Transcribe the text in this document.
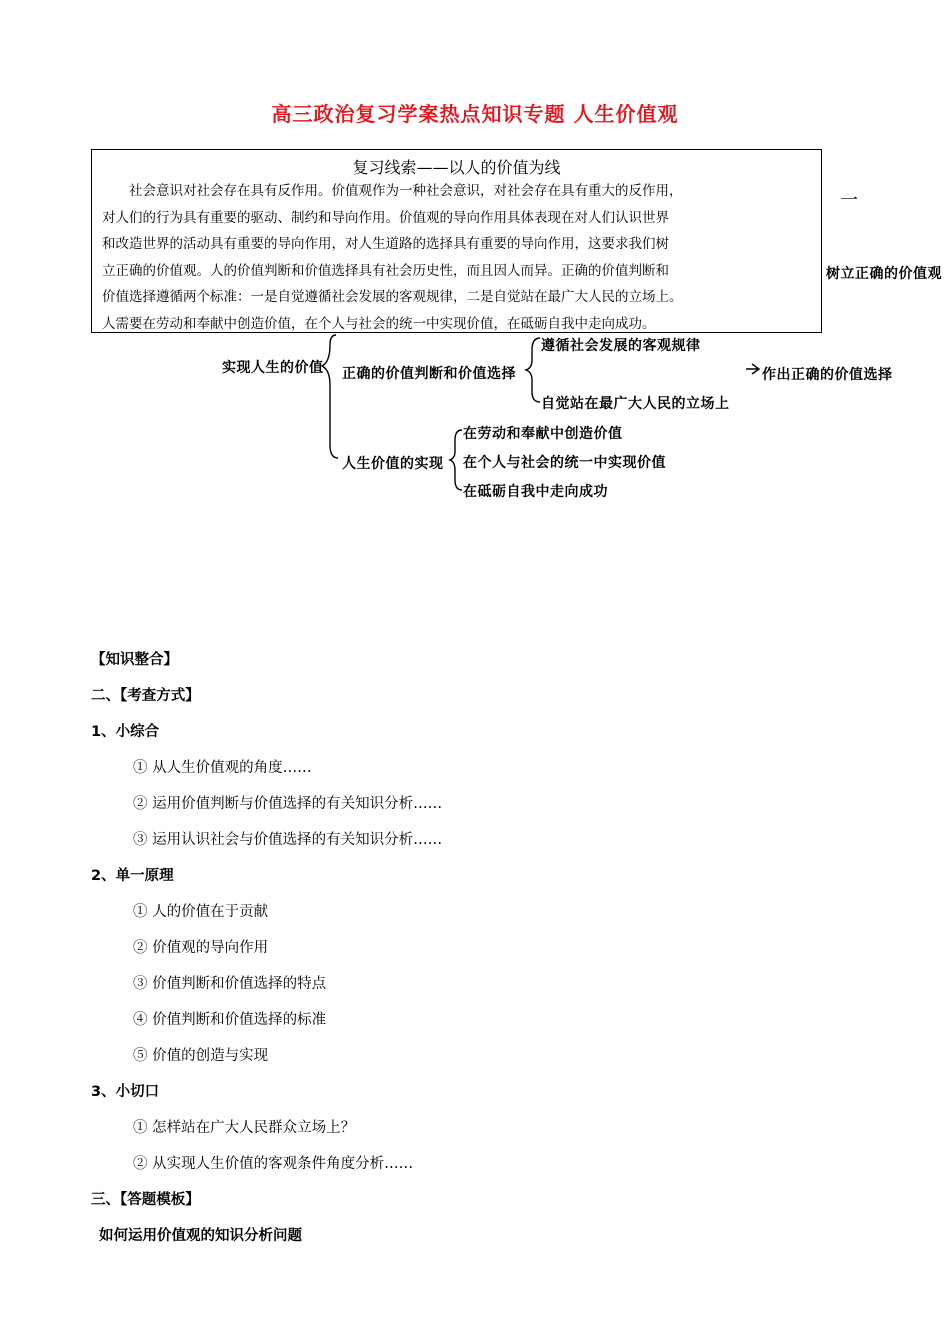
高三政治复习学案热点知识专题 人生价值观
一
树立正确的价值观
实现人生的价值 正确的价值判断和价值选择
遵循社会发展的客观规律
自觉站在最广大人民的立场上
作出正确的价值选择
人生价值的实现
在劳动和奉献中创造价值
在个人与社会的统一中实现价值
在砥砺自我中走向成功
复习线索——以人的价值为线
社会意识对社会存在具有反作用。价值观作为一种社会意识，对社会存在具有重大的反作用，
对人们的行为具有重要的驱动、制约和导向作用。价值观的导向作用具体表现在对人们认识世界
和改造世界的活动具有重要的导向作用，对人生道路的选择具有重要的导向作用，这要求我们树
立正确的价值观。人的价值判断和价值选择具有社会历史性，而且因人而异。正确的价值判断和
价值选择遵循两个标准：一是自觉遵循社会发展的客观规律，二是自觉站在最广大人民的立场上。
人需要在劳动和奉献中创造价值，在个人与社会的统一中实现价值，在砥砺自我中走向成功。
【知识整合】
二、【考查方式】
1、小综合
① 从人生价值观的角度……
② 运用价值判断与价值选择的有关知识分析……
③ 运用认识社会与价值选择的有关知识分析……
2、单一原理
① 人的价值在于贡献
② 价值观的导向作用
③ 价值判断和价值选择的特点
④ 价值判断和价值选择的标准
⑤ 价值的创造与实现
3、小切口
① 怎样站在广大人民群众立场上？
② 从实现人生价值的客观条件角度分析……
三、【答题模板】
如何运用价值观的知识分析问题
